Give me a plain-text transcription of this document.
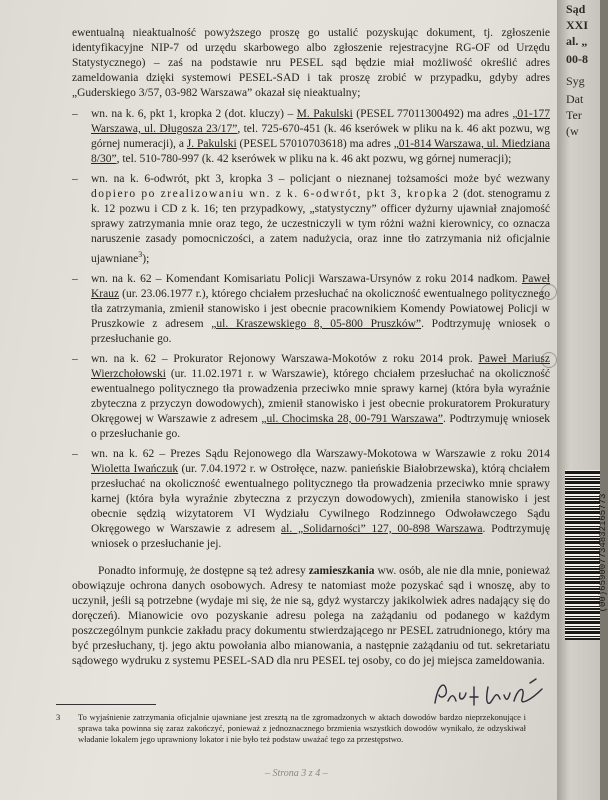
ewentualną nieaktualność powyższego proszę go ustalić pozyskując dokument, tj. zgłoszenie identyfikacyjne NIP-7 od urzędu skarbowego albo zgłoszenie rejestracyjne RG-OF od Urzędu Statystycznego) – zaś na podstawie nru PESEL sąd będzie miał możliwość określić adres zameldowania dzięki systemowi PESEL-SAD i tak proszę zrobić w przypadku, gdyby adres „Guderskiego 3/57, 03-982 Warszawa” okazał się nieaktualny;

– wn. na k. 6, pkt 1, kropka 2 (dot. kluczy) – M. Pakulski (PESEL 77011300492) ma adres „01-177 Warszawa, ul. Długosza 23/17”, tel. 725-670-451 (k. 46 kserówek w pliku na k. 46 akt pozwu, wg górnej numeracji), a J. Pakulski (PESEL 57010703618) ma adres „01-814 Warszawa, ul. Miedziana 8/30”, tel. 510-780-997 (k. 42 kserówek w pliku na k. 46 akt pozwu, wg górnej numeracji);
– wn. na k. 6-odwrót, pkt 3, kropka 3 – policjant o nieznanej tożsamości może być wezwany dopiero po zrealizowaniu wn. z k. 6-odwrót, pkt 3, kropka 2 (dot. stenogramu z k. 12 pozwu i CD z k. 16; ten przypadkowy, „statystyczny” officer dyżurny ujawniał znajomość sprawy zatrzymania mnie oraz tego, że uczestniczyli w tym różni ważni kierownicy, co oznacza naruszenie zasady pomocniczości, a zatem nadużycia, oraz inne tło zatrzymania niż oficjalnie ujawniane$^3$);
– wn. na k. 62 – Komendant Komisariatu Policji Warszawa-Ursynów z roku 2014 nadkom. Paweł Krauz (ur. 23.06.1977 r.), którego chciałem przesłuchać na okoliczność ewentualnego politycznego tła zatrzymania, zmienił stanowisko i jest obecnie pracownikiem Komendy Powiatowej Policji w Pruszkowie z adresem „ul. Kraszewskiego 8, 05-800 Pruszków”. Podtrzymuję wniosek o przesłuchanie go.
– wn. na k. 62 – Prokurator Rejonowy Warszawa-Mokotów z roku 2014 prok. Paweł Mariusz Wierzchołowski (ur. 11.02.1971 r. w Warszawie), którego chciałem przesłuchać na okoliczność ewentualnego politycznego tła prowadzenia przeciwko mnie sprawy karnej (która była wyraźnie zbyteczna z przyczyn dowodowych), zmienił stanowisko i jest obecnie prokuratorem Prokuratury Okręgowej w Warszawie z adresem „ul. Chocimska 28, 00-791 Warszawa”. Podtrzymuję wniosek o przesłuchanie go.
– wn. na k. 62 – Prezes Sądu Rejonowego dla Warszawy-Mokotowa w Warszawie z roku 2014 Wioletta Iwańczuk (ur. 7.04.1972 r. w Ostrołęce, nazw. panieńskie Białobrzewska), którą chciałem przesłuchać na okoliczność ewentualnego politycznego tła prowadzenia przeciwko mnie sprawy karnej (która była wyraźnie zbyteczna z przyczyn dowodowych), zmieniła stanowisko i jest obecnie sędzią wizytatorem VI Wydziału Cywilnego Rodzinnego Odwoławczego Sądu Okręgowego w Warszawie z adresem al. „Solidarności” 127, 00-898 Warszawa. Podtrzymuję wniosek o przesłuchanie jej.

Ponadto informuję, że dostępne są też adresy zamieszkania ww. osób, ale nie dla mnie, ponieważ obowiązuje ochrona danych osobowych. Adresy te natomiast może pozyskać sąd i wnoszę, aby to uczynił, jeśli są potrzebne (wydaje mi się, że nie są, gdyż wystarczy jakikolwiek adres nadający się do doręczeń). Mianowicie ovo pozyskanie adresu polega na zażądaniu od podanego w każdym poszczególnym punkcie zakładu pracy dokumentu stwierdzającego nr PESEL zatrudnionego, który ma być przesłuchany, tj. jego aktu powołania albo mianowania, a następnie zażądaniu od tut. sekretariatu sądowego wydruku z systemu PESEL-SAD dla nru PESEL tej osoby, co do jej miejsca zameldowania.

3 To wyjaśnienie zatrzymania oficjalnie ujawniane jest zresztą na tle zgromadzonych w aktach dowodów bardzo nieprzekonujące i sprawa taka powinna się zaraz zakończyć, ponieważ z jednoznacznego brzmienia wszystkich dowodów wynikało, że odzyskiwał władanie lokalem jego uprawniony lokator i nie było też podstaw uważać tego za przestępstwo.
– Strona 3 z 4 –
Sąd
XXI
al. „
00-8
Syg
Dat
Ter
(w
(00)659007734832165773
